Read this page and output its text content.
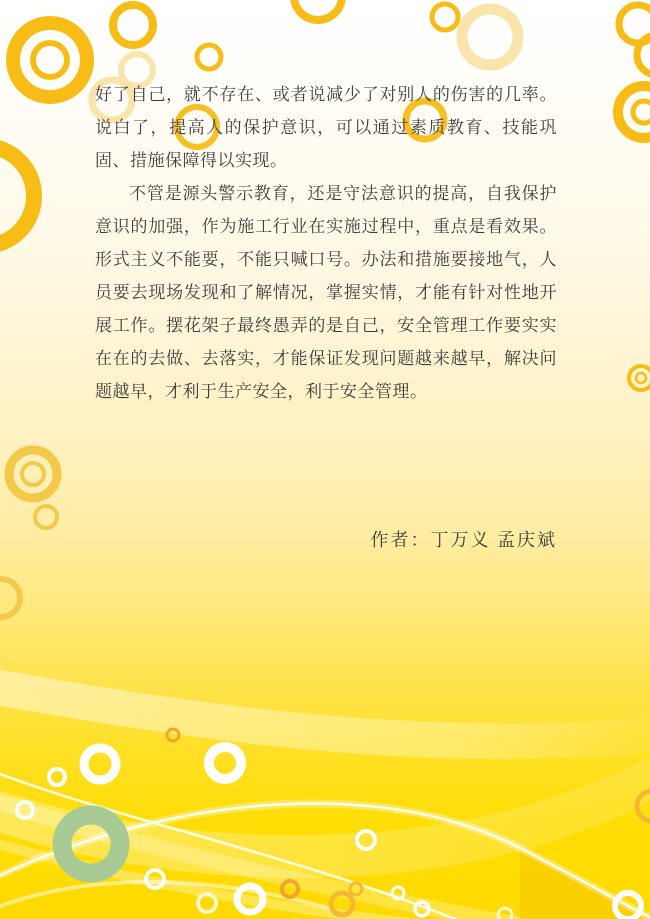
好了自己，就不存在、或者说减少了对别人的伤害的几率。说白了，提高人的保护意识，可以通过素质教育、技能巩固、措施保障得以实现。

不管是源头警示教育，还是守法意识的提高，自我保护意识的加强，作为施工行业在实施过程中，重点是看效果。形式主义不能要，不能只喊口号。办法和措施要接地气，人员要去现场发现和了解情况，掌握实情，才能有针对性地开展工作。摆花架子最终愚弄的是自己，安全管理工作要实实在在的去做、去落实，才能保证发现问题越来越早，解决问题越早，才利于生产安全，利于安全管理。

作者：丁万义 孟庆斌
